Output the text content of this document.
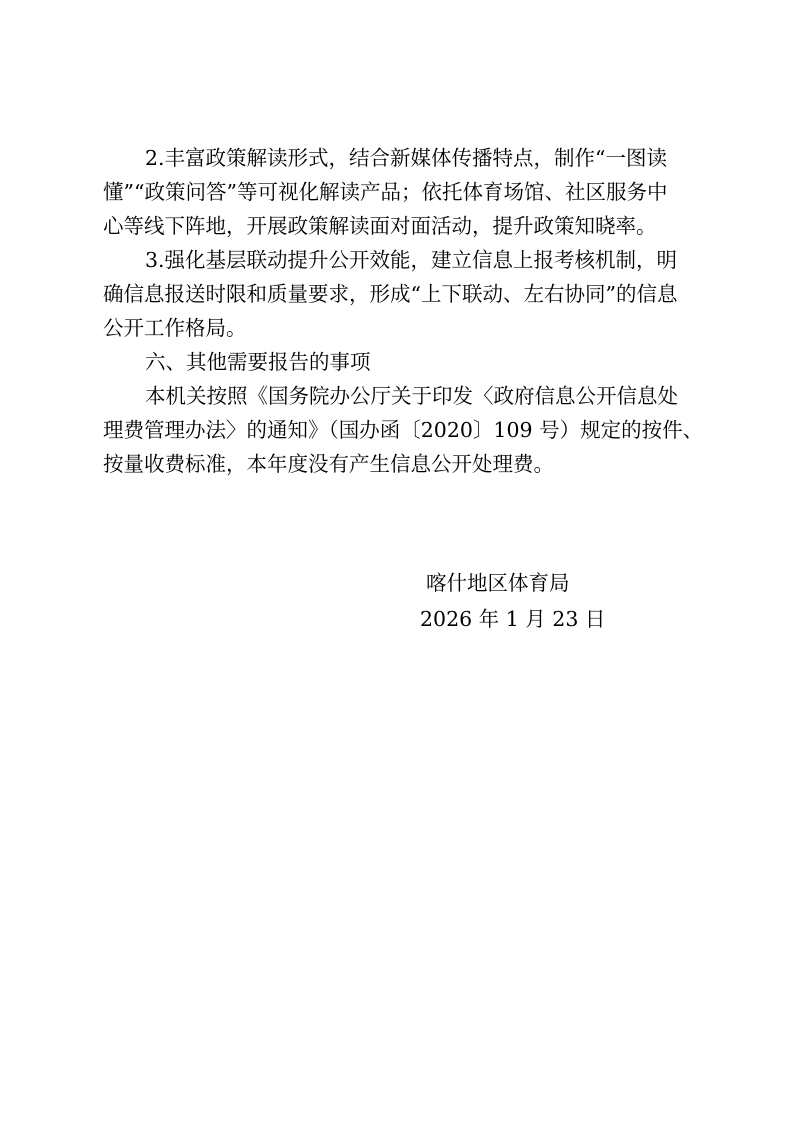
2.丰富政策解读形式，结合新媒体传播特点，制作“一图读
懂”“政策问答”等可视化解读产品；依托体育场馆、社区服务中
心等线下阵地，开展政策解读面对面活动，提升政策知晓率。
3.强化基层联动提升公开效能，建立信息上报考核机制，明
确信息报送时限和质量要求，形成“上下联动、左右协同”的信息
公开工作格局。
六、其他需要报告的事项
本机关按照《国务院办公厅关于印发〈政府信息公开信息处
理费管理办法〉的通知》（国办函〔2020〕109 号）规定的按件、
按量收费标准，本年度没有产生信息公开处理费。
喀什地区体育局
2026 年 1 月 23 日
